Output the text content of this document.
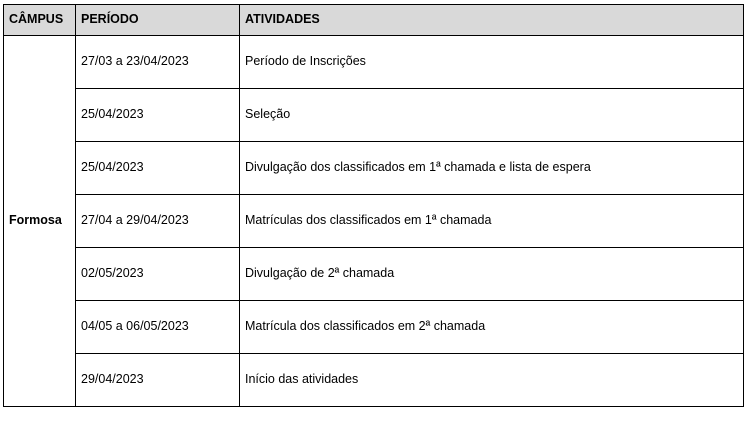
CÂMPUS	PERÍODO	ATIVIDADES
Formosa	27/03 a 23/04/2023	Período de Inscrições
	25/04/2023	Seleção
	25/04/2023	Divulgação dos classificados em 1ª chamada e lista de espera
	27/04 a 29/04/2023	Matrículas dos classificados em 1ª chamada
	02/05/2023	Divulgação de 2ª chamada
	04/05 a 06/05/2023	Matrícula dos classificados em 2ª chamada
	29/04/2023	Início das atividades
